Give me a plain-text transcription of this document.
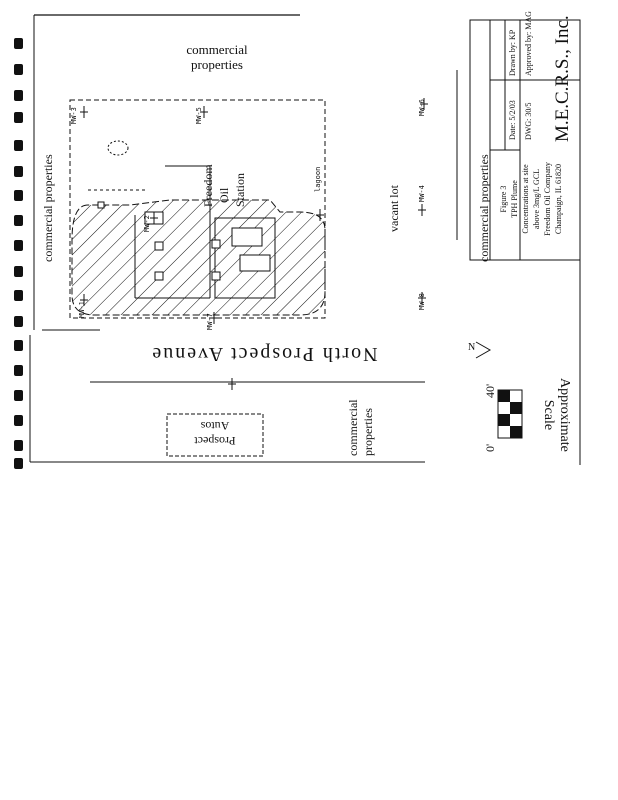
commercial
properties
commercial properties	commercial properties
vacant lot
Freedom Oil Station
North Prospect Avenue
Prospect
Autos	commercial properties
MW-3	MW-5	MW-6
MW-4
MW-8
MW-1
MW-2
MW-7
lagoon
0'
40'	Approximate
Scale
N
M.E.C.R.S., Inc.
Date: 5/2/03
Drawn by: KP
DWG: 30/5
Approved by: MAG
Figure 3 TPH Plume Concentrations at site above 3mg/L GCL Freedom Oil Company Champaign, IL 61820
